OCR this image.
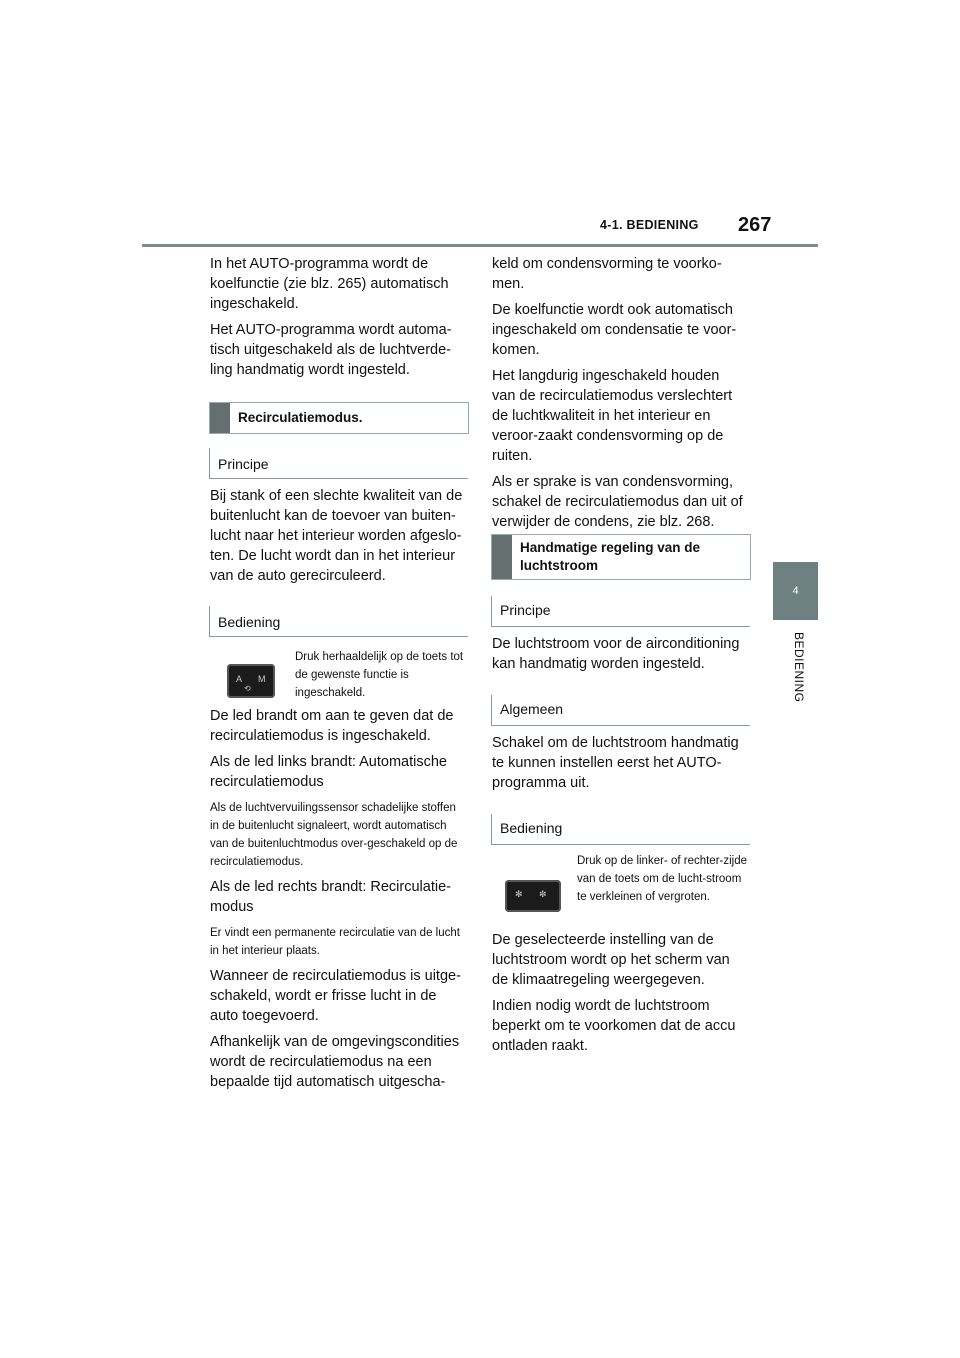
4-1. BEDIENING 267
4
BEDIENING

In het AUTO-programma wordt de koelfunctie (zie blz. 265) automatisch ingeschakeld.

Het AUTO-programma wordt automa-tisch uitgeschakeld als de luchtverde-ling handmatig wordt ingesteld.

Recirculatiemodus.
Principe

Bij stank of een slechte kwaliteit van de buitenlucht kan de toevoer van buiten-lucht naar het interieur worden afgeslo-ten. De lucht wordt dan in het interieur van de auto gerecirculeerd.

Bediening
A M
⟲

Druk herhaaldelijk op de toets tot de gewenste functie is ingeschakeld.

De led brandt om aan te geven dat de recirculatiemodus is ingeschakeld.

Als de led links brandt: Automatische recirculatiemodus

Als de luchtvervuilingssensor schadelijke stoffen in de buitenlucht signaleert, wordt automatisch van de buitenluchtmodus over-geschakeld op de recirculatiemodus.

Als de led rechts brandt: Recirculatie-modus

Er vindt een permanente recirculatie van de lucht in het interieur plaats.

Wanneer de recirculatiemodus is uitge-schakeld, wordt er frisse lucht in de auto toegevoerd.

Afhankelijk van de omgevingscondities wordt de recirculatiemodus na een bepaalde tijd automatisch uitgescha-

keld om condensvorming te voorko-men.

De koelfunctie wordt ook automatisch ingeschakeld om condensatie te voor-komen.

Het langdurig ingeschakeld houden van de recirculatiemodus verslechtert de luchtkwaliteit in het interieur en veroor-zaakt condensvorming op de ruiten.

Als er sprake is van condensvorming, schakel de recirculatiemodus dan uit of verwijder de condens, zie blz. 268.

Handmatige regeling van de luchtstroom
Principe

De luchtstroom voor de airconditioning kan handmatig worden ingesteld.

Algemeen

Schakel om de luchtstroom handmatig te kunnen instellen eerst het AUTO-programma uit.

Bediening
✻ ✼

Druk op de linker- of rechter-zijde van de toets om de lucht-stroom te verkleinen of vergroten.

De geselecteerde instelling van de luchtstroom wordt op het scherm van de klimaatregeling weergegeven.

Indien nodig wordt de luchtstroom beperkt om te voorkomen dat de accu ontladen raakt.
